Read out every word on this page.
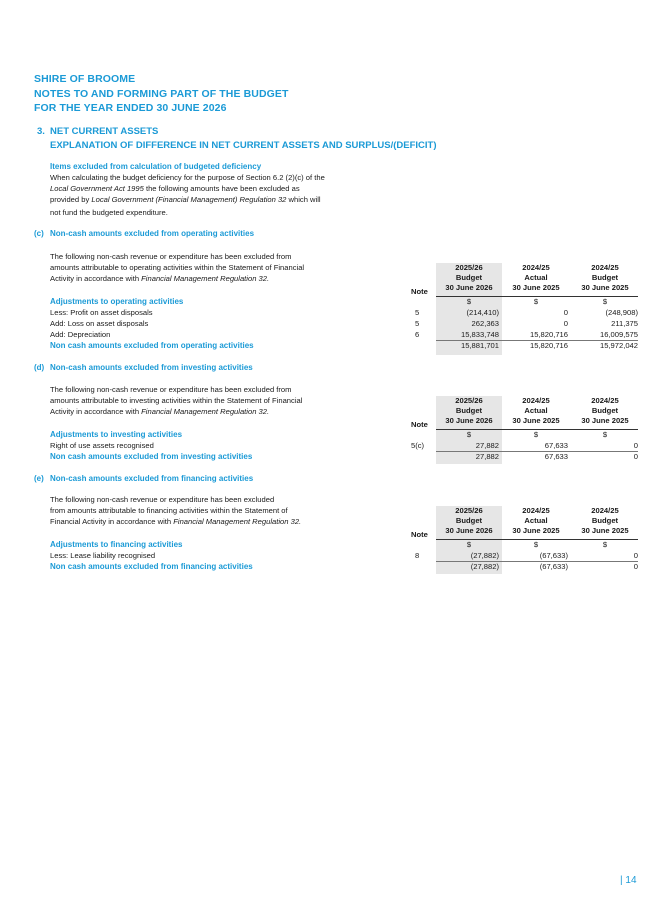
SHIRE OF BROOME
NOTES TO AND FORMING PART OF THE BUDGET
FOR THE YEAR ENDED 30 JUNE 2026
3. NET CURRENT ASSETS
EXPLANATION OF DIFFERENCE IN NET CURRENT ASSETS AND SURPLUS/(DEFICIT)
Items excluded from calculation of budgeted deficiency
When calculating the budget deficiency for the purpose of Section 6.2 (2)(c) of the
Local Government Act 1995 the following amounts have been excluded as
provided by Local Government (Financial Management) Regulation 32 which will
not fund the budgeted expenditure.
(c) Non-cash amounts excluded from operating activities
The following non-cash revenue or expenditure has been excluded from
amounts attributable to operating activities within the Statement of Financial
Activity in accordance with Financial Management Regulation 32.
2025/26
Budget
30 June 2026
2024/25
Actual
30 June 2025
2024/25
Budget
30 June 2025
Note
Adjustments to operating activities	$	$	$
Less: Profit on asset disposals	5	(214,410)	0	(248,908)
Add: Loss on asset disposals	5	262,363	0	211,375
Add: Depreciation	6	15,833,748	15,820,716	16,009,575
Non cash amounts excluded from operating activities	15,881,701	15,820,716	15,972,042
(d) Non-cash amounts excluded from investing activities
The following non-cash revenue or expenditure has been excluded from
amounts attributable to investing activities within the Statement of Financial
Activity in accordance with Financial Management Regulation 32.
2025/26
Budget
30 June 2026
2024/25
Actual
30 June 2025
2024/25
Budget
30 June 2025
Note
Adjustments to investing activities	$	$	$
Right of use assets recognised	5(c)	27,882	67,633	0
Non cash amounts excluded from investing activities	27,882	67,633	0
(e) Non-cash amounts excluded from financing activities
The following non-cash revenue or expenditure has been excluded
from amounts attributable to financing activities within the Statement of
Financial Activity in accordance with Financial Management Regulation 32.
2025/26
Budget
30 June 2026
2024/25
Actual
30 June 2025
2024/25
Budget
30 June 2025
Note
Adjustments to financing activities	$	$	$
Less: Lease liability recognised	8	(27,882)	(67,633)	0
Non cash amounts excluded from financing activities	(27,882)	(67,633)	0
| 14
